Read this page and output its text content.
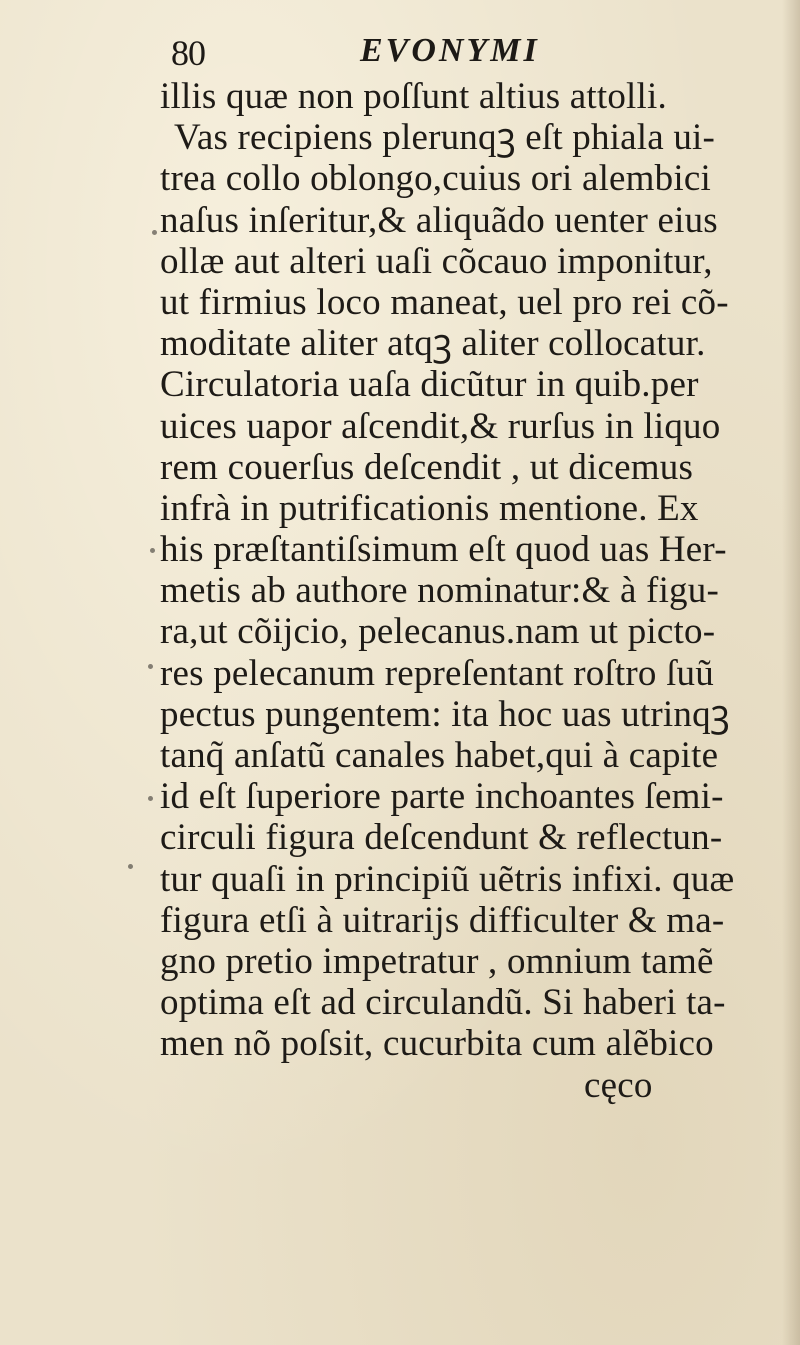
80	EVONYMI
illis quæ non poſſunt altius attolli.
Vas recipiens plerunqꝫ eſt phiala ui-
trea collo oblongo,cuius ori alembici
naſus inſeritur,& aliquãdo uenter eius
ollæ aut alteri uaſi cõcauo imponitur,
ut firmius loco maneat, uel pro rei cõ-
moditate aliter atqꝫ aliter collocatur.
Circulatoria uaſa dicũtur in quib.per
uices uapor aſcendit,& rurſus in liquo
rem couerſus deſcendit , ut dicemus
infrà in putrificationis mentione. Ex
his præſtantiſsimum eſt quod uas Her-
metis ab authore nominatur:& à figu-
ra,ut cõijcio, pelecanus.nam ut picto-
res pelecanum repreſentant roſtro ſuũ
pectus pungentem: ita hoc uas utrinqꝫ
tanq̃ anſatũ canales habet,qui à capite
id eſt ſuperiore parte inchoantes ſemi-
circuli figura deſcendunt & reflectun-
tur quaſi in principiũ uẽtris infixi. quæ
figura etſi à uitrarijs difficulter & ma-
gno pretio impetratur , omnium tamẽ
optima eſt ad circulandũ. Si haberi ta-
men nõ poſsit, cucurbita cum alẽbico
cęco
